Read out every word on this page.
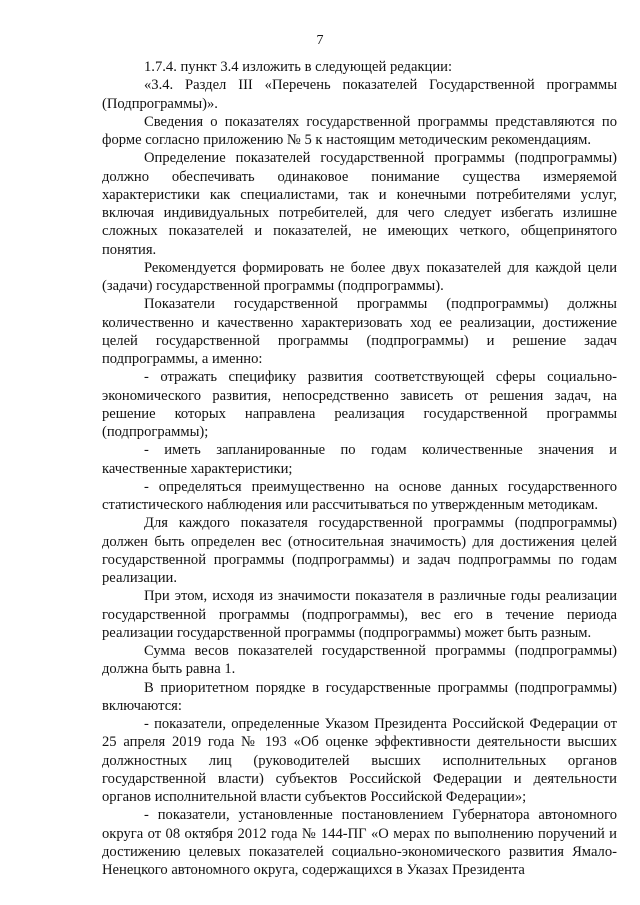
7

1.7.4. пункт 3.4 изложить в следующей редакции:

«3.4. Раздел III «Перечень показателей Государственной программы (Подпрограммы)».

Сведения о показателях государственной программы представляются по форме согласно приложению № 5 к настоящим методическим рекомендациям.

Определение показателей государственной программы (подпрограммы) должно обеспечивать одинаковое понимание существа измеряемой характеристики как специалистами, так и конечными потребителями услуг, включая индивидуальных потребителей, для чего следует избегать излишне сложных показателей и показателей, не имеющих четкого, общепринятого понятия.

Рекомендуется формировать не более двух показателей для каждой цели (задачи) государственной программы (подпрограммы).

Показатели государственной программы (подпрограммы) должны количественно и качественно характеризовать ход ее реализации, достижение целей государственной программы (подпрограммы) и решение задач подпрограммы, а именно:

- отражать специфику развития соответствующей сферы социально-экономического развития, непосредственно зависеть от решения задач, на решение которых направлена реализация государственной программы (подпрограммы);

- иметь запланированные по годам количественные значения и качественные характеристики;

- определяться преимущественно на основе данных государственного статистического наблюдения или рассчитываться по утвержденным методикам.

Для каждого показателя государственной программы (подпрограммы) должен быть определен вес (относительная значимость) для достижения целей государственной программы (подпрограммы) и задач подпрограммы по годам реализации.

При этом, исходя из значимости показателя в различные годы реализации государственной программы (подпрограммы), вес его в течение периода реализации государственной программы (подпрограммы) может быть разным.

Сумма весов показателей государственной программы (подпрограммы) должна быть равна 1.

В приоритетном порядке в государственные программы (подпрограммы) включаются:

- показатели, определенные Указом Президента Российской Федерации от 25 апреля 2019 года № 193 «Об оценке эффективности деятельности высших должностных лиц (руководителей высших исполнительных органов государственной власти) субъектов Российской Федерации и деятельности органов исполнительной власти субъектов Российской Федерации»;

- показатели, установленные постановлением Губернатора автономного округа от 08 октября 2012 года № 144-ПГ «О мерах по выполнению поручений и достижению целевых показателей социально-экономического развития Ямало-Ненецкого автономного округа, содержащихся в Указах Президента
